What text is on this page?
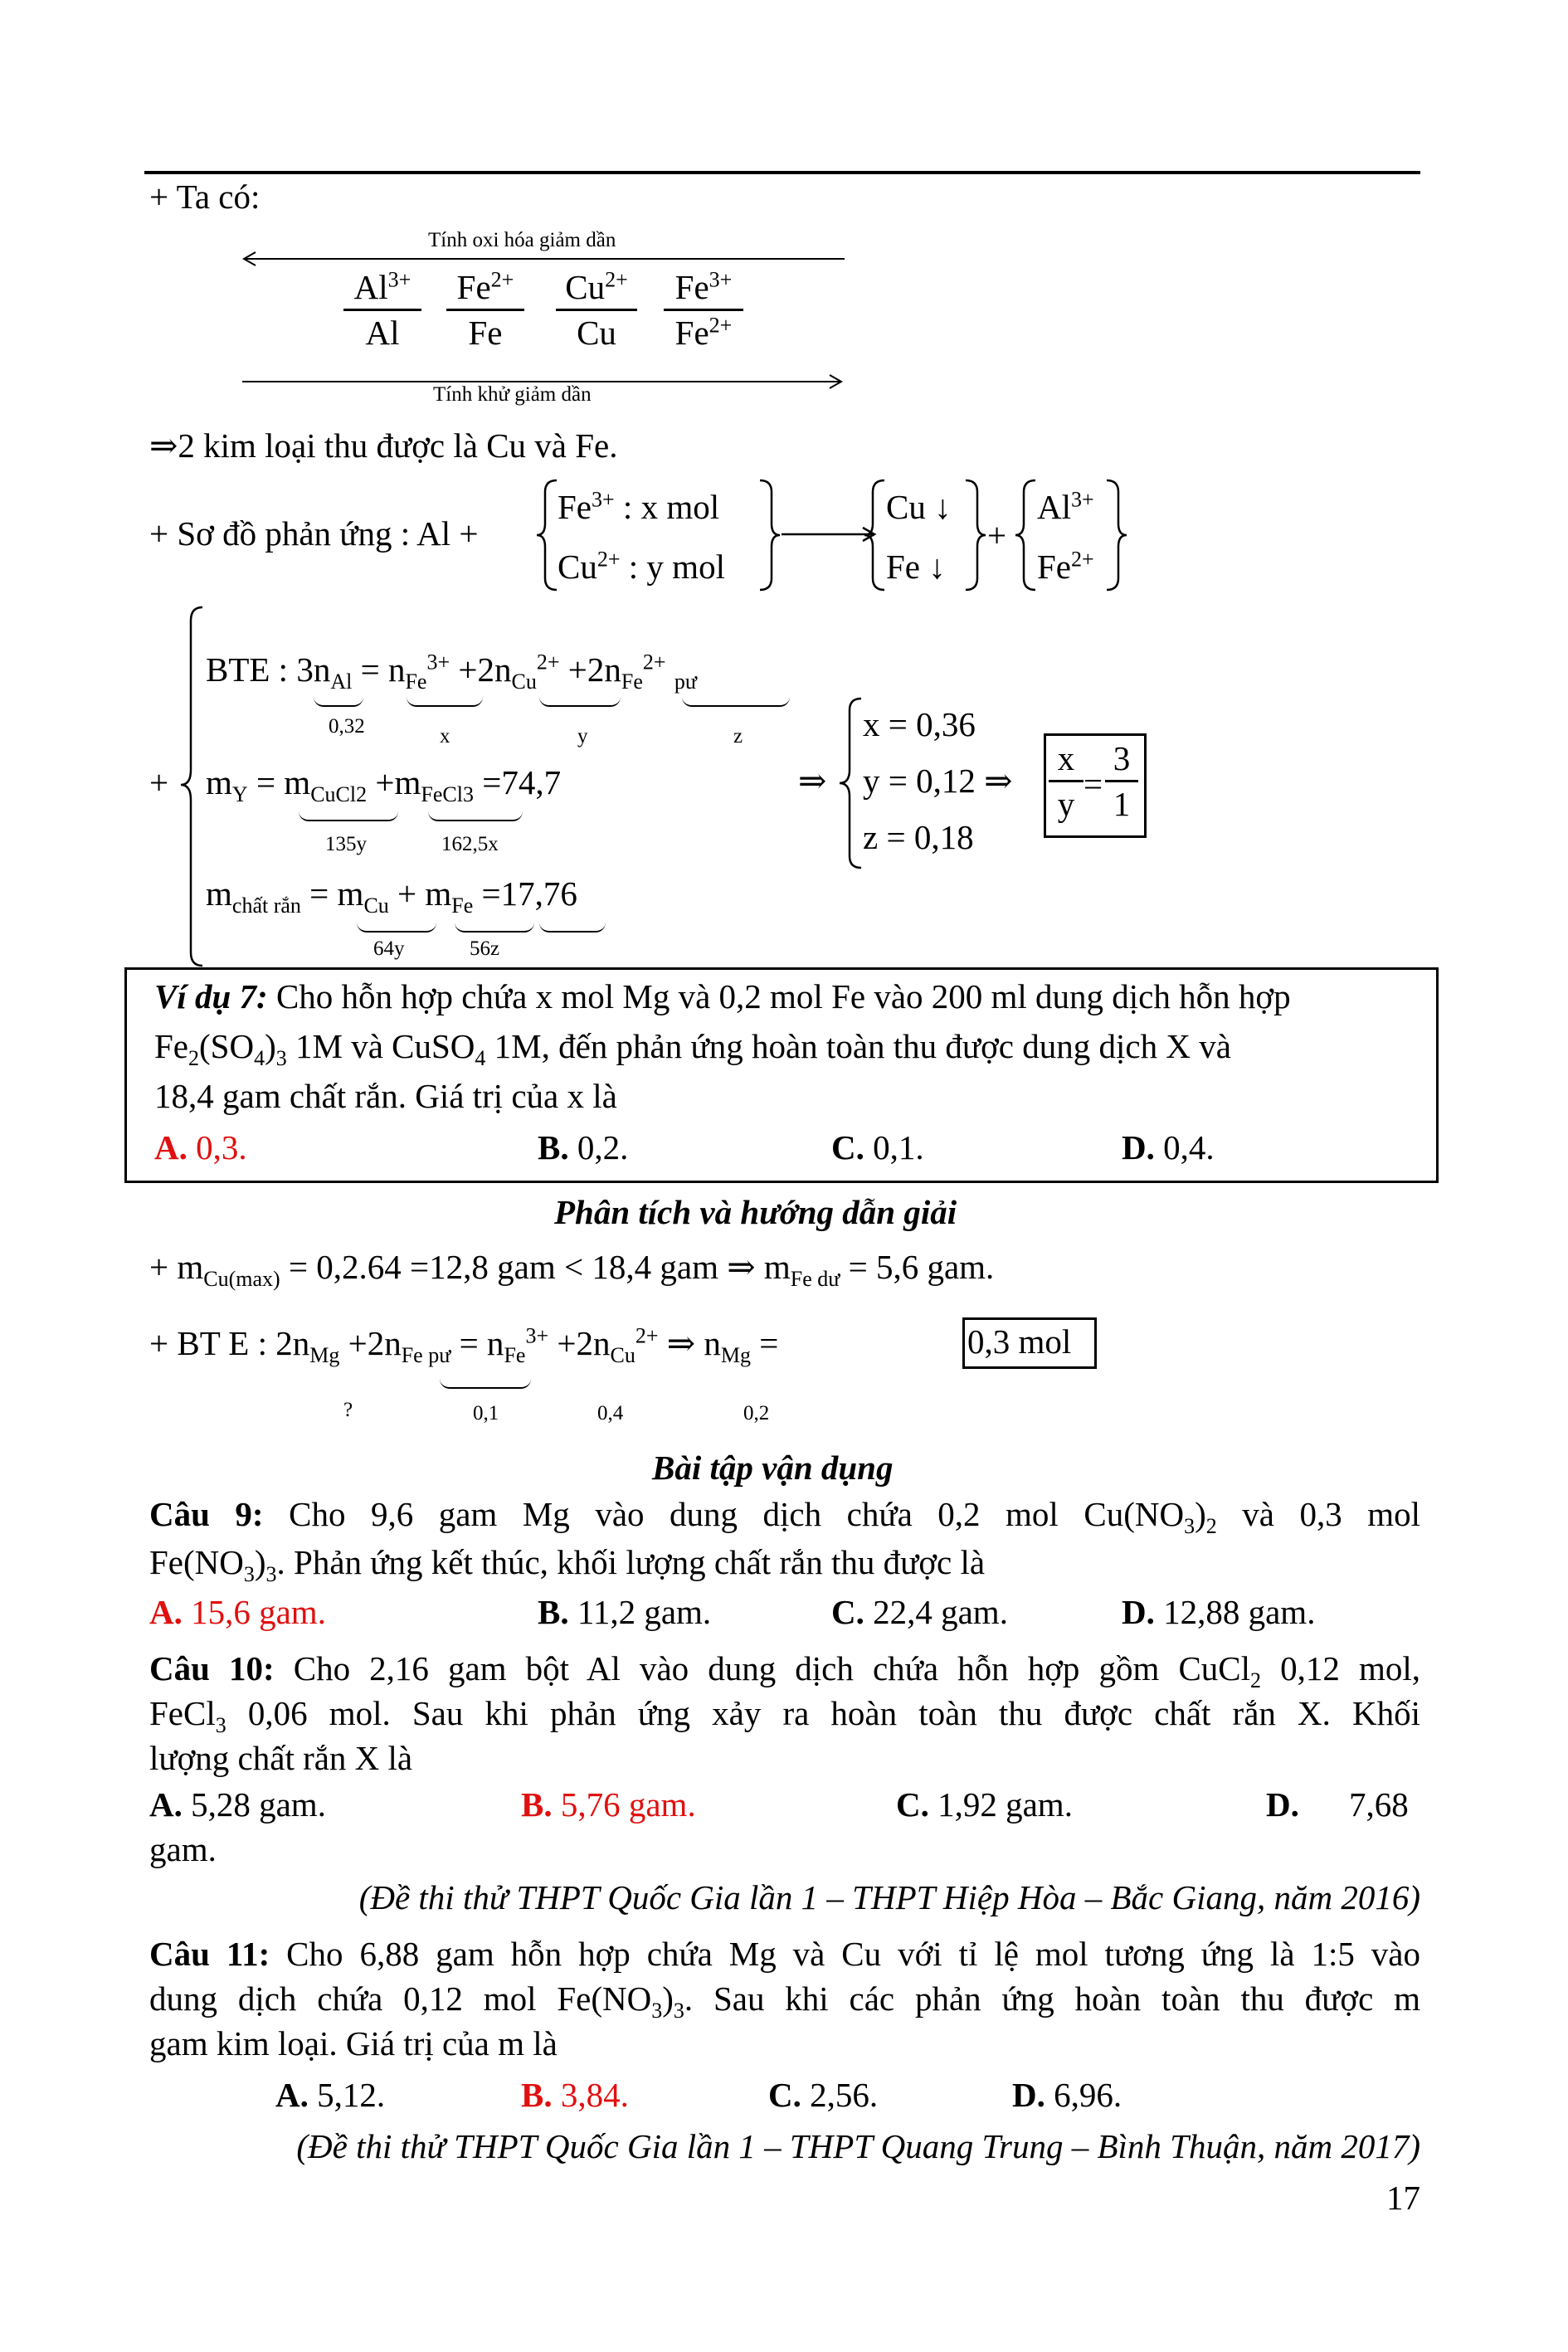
+ Ta có:
Tính oxi hóa giảm dần
$Al^{3+}$
Al
$Fe^{2+}$
Fe
$Cu^{2+}$
Cu
$Fe^{3+}$
$Fe^{2+}$
Tính khử giảm dần
⇒2 kim loại thu được là Cu và Fe.
+ Sơ đồ phản ứng : Al +
$Fe^{3+}$ : x mol
$Cu^{2+}$ : y mol
Cu ↓
Fe ↓
+
$Al^{3+}$
$Fe^{2+}$
+
BTE : $3n_{Al} = n_{Fe}^{3+} +2n_{Cu}^{2+} +2n_{Fe}^{2+}$ $_{pư}$
0,32	x	y	z
$m_Y = m_{CuCl2} +m_{FeCl3} =74,7$
135y	162,5x
$m_{chất rắn} = m_{Cu} + m_{Fe} =17,76$
64y	56z
⇒
x = 0,36
y = 0,12 ⇒
z = 0,18
x
y
=
3
1
Ví dụ 7: Cho hỗn hợp chứa x mol Mg và 0,2 mol Fe vào 200 ml dung dịch hỗn hợp
$Fe_2(SO_4)_3$ 1M và CuSO$_4$ 1M, đến phản ứng hoàn toàn thu được dung dịch X và
18,4 gam chất rắn. Giá trị của x là
A. 0,3.	B. 0,2.	C. 0,1.	D. 0,4.
Phân tích và hướng dẫn giải
+ $m_{Cu(max)} = 0,2.64 =12,8$ gam < 18,4 gam ⇒ $m_{Fe dư} = 5,6$ gam.
+ BT E : $2n_{Mg} +2n_{Fe pư} = n_{Fe}^{3+} +2n_{Cu}^{2+}$ ⇒ $n_{Mg}$ =	0,3 mol
?	0,1	0,4	0,2
Bài tập vận dụng
Câu 9: Cho 9,6 gam Mg vào dung dịch chứa 0,2 mol $Cu(NO_3)_2$ và 0,3 mol
$Fe(NO_3)_3$. Phản ứng kết thúc, khối lượng chất rắn thu được là
A. 15,6 gam.	B. 11,2 gam.	C. 22,4 gam.	D. 12,88 gam.
Câu 10: Cho 2,16 gam bột Al vào dung dịch chứa hỗn hợp gồm CuCl$_2$ 0,12 mol,
FeCl$_3$ 0,06 mol. Sau khi phản ứng xảy ra hoàn toàn thu được chất rắn X. Khối
lượng chất rắn X là
A. 5,28 gam.	B. 5,76 gam.	C. 1,92 gam.	D. 7,68
gam.
(Đề thi thử THPT Quốc Gia lần 1 – THPT Hiệp Hòa – Bắc Giang, năm 2016)
Câu 11: Cho 6,88 gam hỗn hợp chứa Mg và Cu với tỉ lệ mol tương ứng là 1:5 vào
dung dịch chứa 0,12 mol $Fe(NO_3)_3$. Sau khi các phản ứng hoàn toàn thu được m
gam kim loại. Giá trị của m là
A. 5,12.	B. 3,84.	C. 2,56.	D. 6,96.
(Đề thi thử THPT Quốc Gia lần 1 – THPT Quang Trung – Bình Thuận, năm 2017)
17
